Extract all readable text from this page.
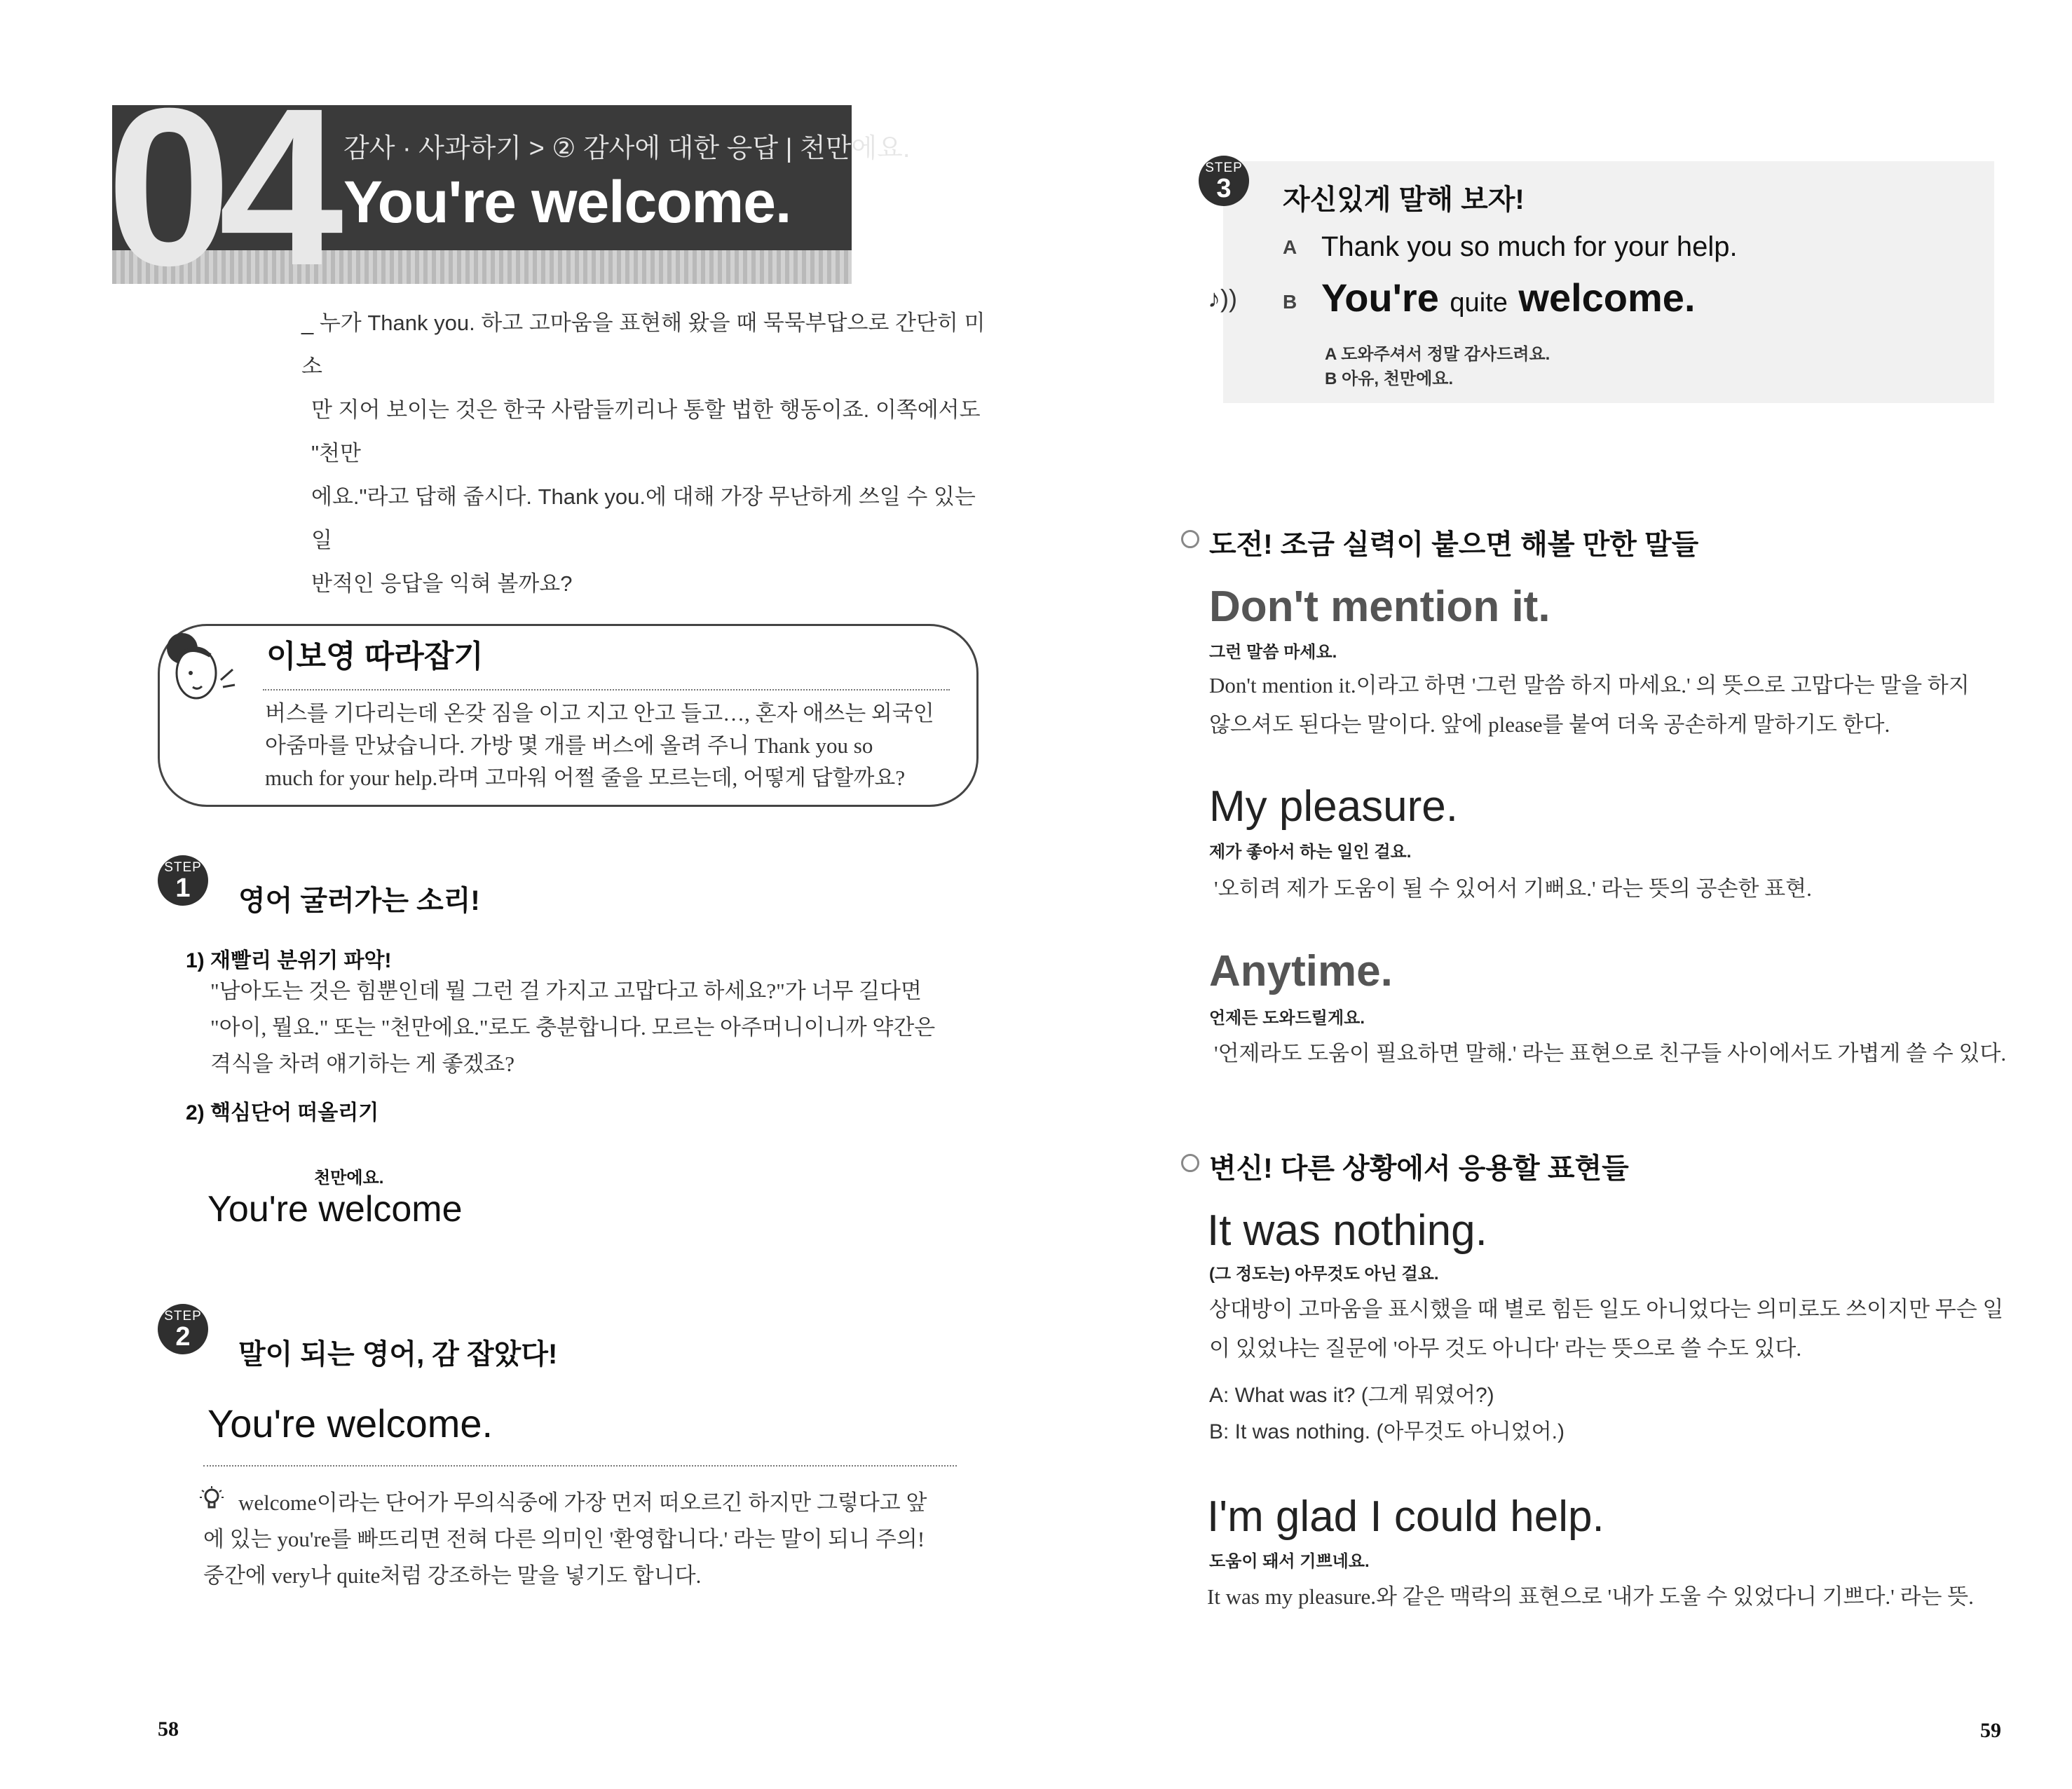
04 감사 · 사과하기 > ② 감사에 대한 응답 | 천만에요.
You're welcome.
_ 누가 Thank you. 하고 고마움을 표현해 왔을 때 묵묵부답으로 간단히 미소
만 지어 보이는 것은 한국 사람들끼리나 통할 법한 행동이죠. 이쪽에서도 "천만
에요."라고 답해 줍시다. Thank you.에 대해 가장 무난하게 쓰일 수 있는 일
반적인 응답을 익혀 볼까요?
이보영 따라잡기
버스를 기다리는데 온갖 짐을 이고 지고 안고 들고…, 혼자 애쓰는 외국인
아줌마를 만났습니다. 가방 몇 개를 버스에 올려 주니 Thank you so
much for your help.라며 고마워 어쩔 줄을 모르는데, 어떻게 답할까요?
STEP
1	영어 굴러가는 소리!
1) 재빨리 분위기 파악!
"남아도는 것은 힘뿐인데 뭘 그런 걸 가지고 고맙다고 하세요?"가 너무 길다면
"아이, 뭘요." 또는 "천만에요."로도 충분합니다. 모르는 아주머니이니까 약간은
격식을 차려 얘기하는 게 좋겠죠?
2) 핵심단어 떠올리기
천만에요.
You're welcome
STEP
2
말이 되는 영어, 감 잡았다!
You're welcome.
welcome이라는 단어가 무의식중에 가장 먼저 떠오르긴 하지만 그렇다고 앞
에 있는 you're를 빠뜨리면 전혀 다른 의미인 '환영합니다.' 라는 말이 되니 주의!
중간에 very나 quite처럼 강조하는 말을 넣기도 합니다.
58
STEP
3	자신있게 말해 보자!
A Thank you so much for your help.
♪)) B You're quite welcome.
A 도와주셔서 정말 감사드려요.
B 아유, 천만에요.
도전! 조금 실력이 붙으면 해볼 만한 말들
Don't mention it.
그런 말씀 마세요.
Don't mention it.이라고 하면 '그런 말씀 하지 마세요.' 의 뜻으로 고맙다는 말을 하지
않으셔도 된다는 말이다. 앞에 please를 붙여 더욱 공손하게 말하기도 한다.
My pleasure.
제가 좋아서 하는 일인 걸요.
'오히려 제가 도움이 될 수 있어서 기뻐요.' 라는 뜻의 공손한 표현.
Anytime.
언제든 도와드릴게요.
'언제라도 도움이 필요하면 말해.' 라는 표현으로 친구들 사이에서도 가볍게 쓸 수 있다.
변신! 다른 상황에서 응용할 표현들
It was nothing.
(그 정도는) 아무것도 아닌 걸요.
상대방이 고마움을 표시했을 때 별로 힘든 일도 아니었다는 의미로도 쓰이지만 무슨 일
이 있었냐는 질문에 '아무 것도 아니다' 라는 뜻으로 쓸 수도 있다.
A: What was it? (그게 뭐였어?)
B: It was nothing. (아무것도 아니었어.)
I'm glad I could help.
도움이 돼서 기쁘네요.
It was my pleasure.와 같은 맥락의 표현으로 '내가 도울 수 있었다니 기쁘다.' 라는 뜻.
59
